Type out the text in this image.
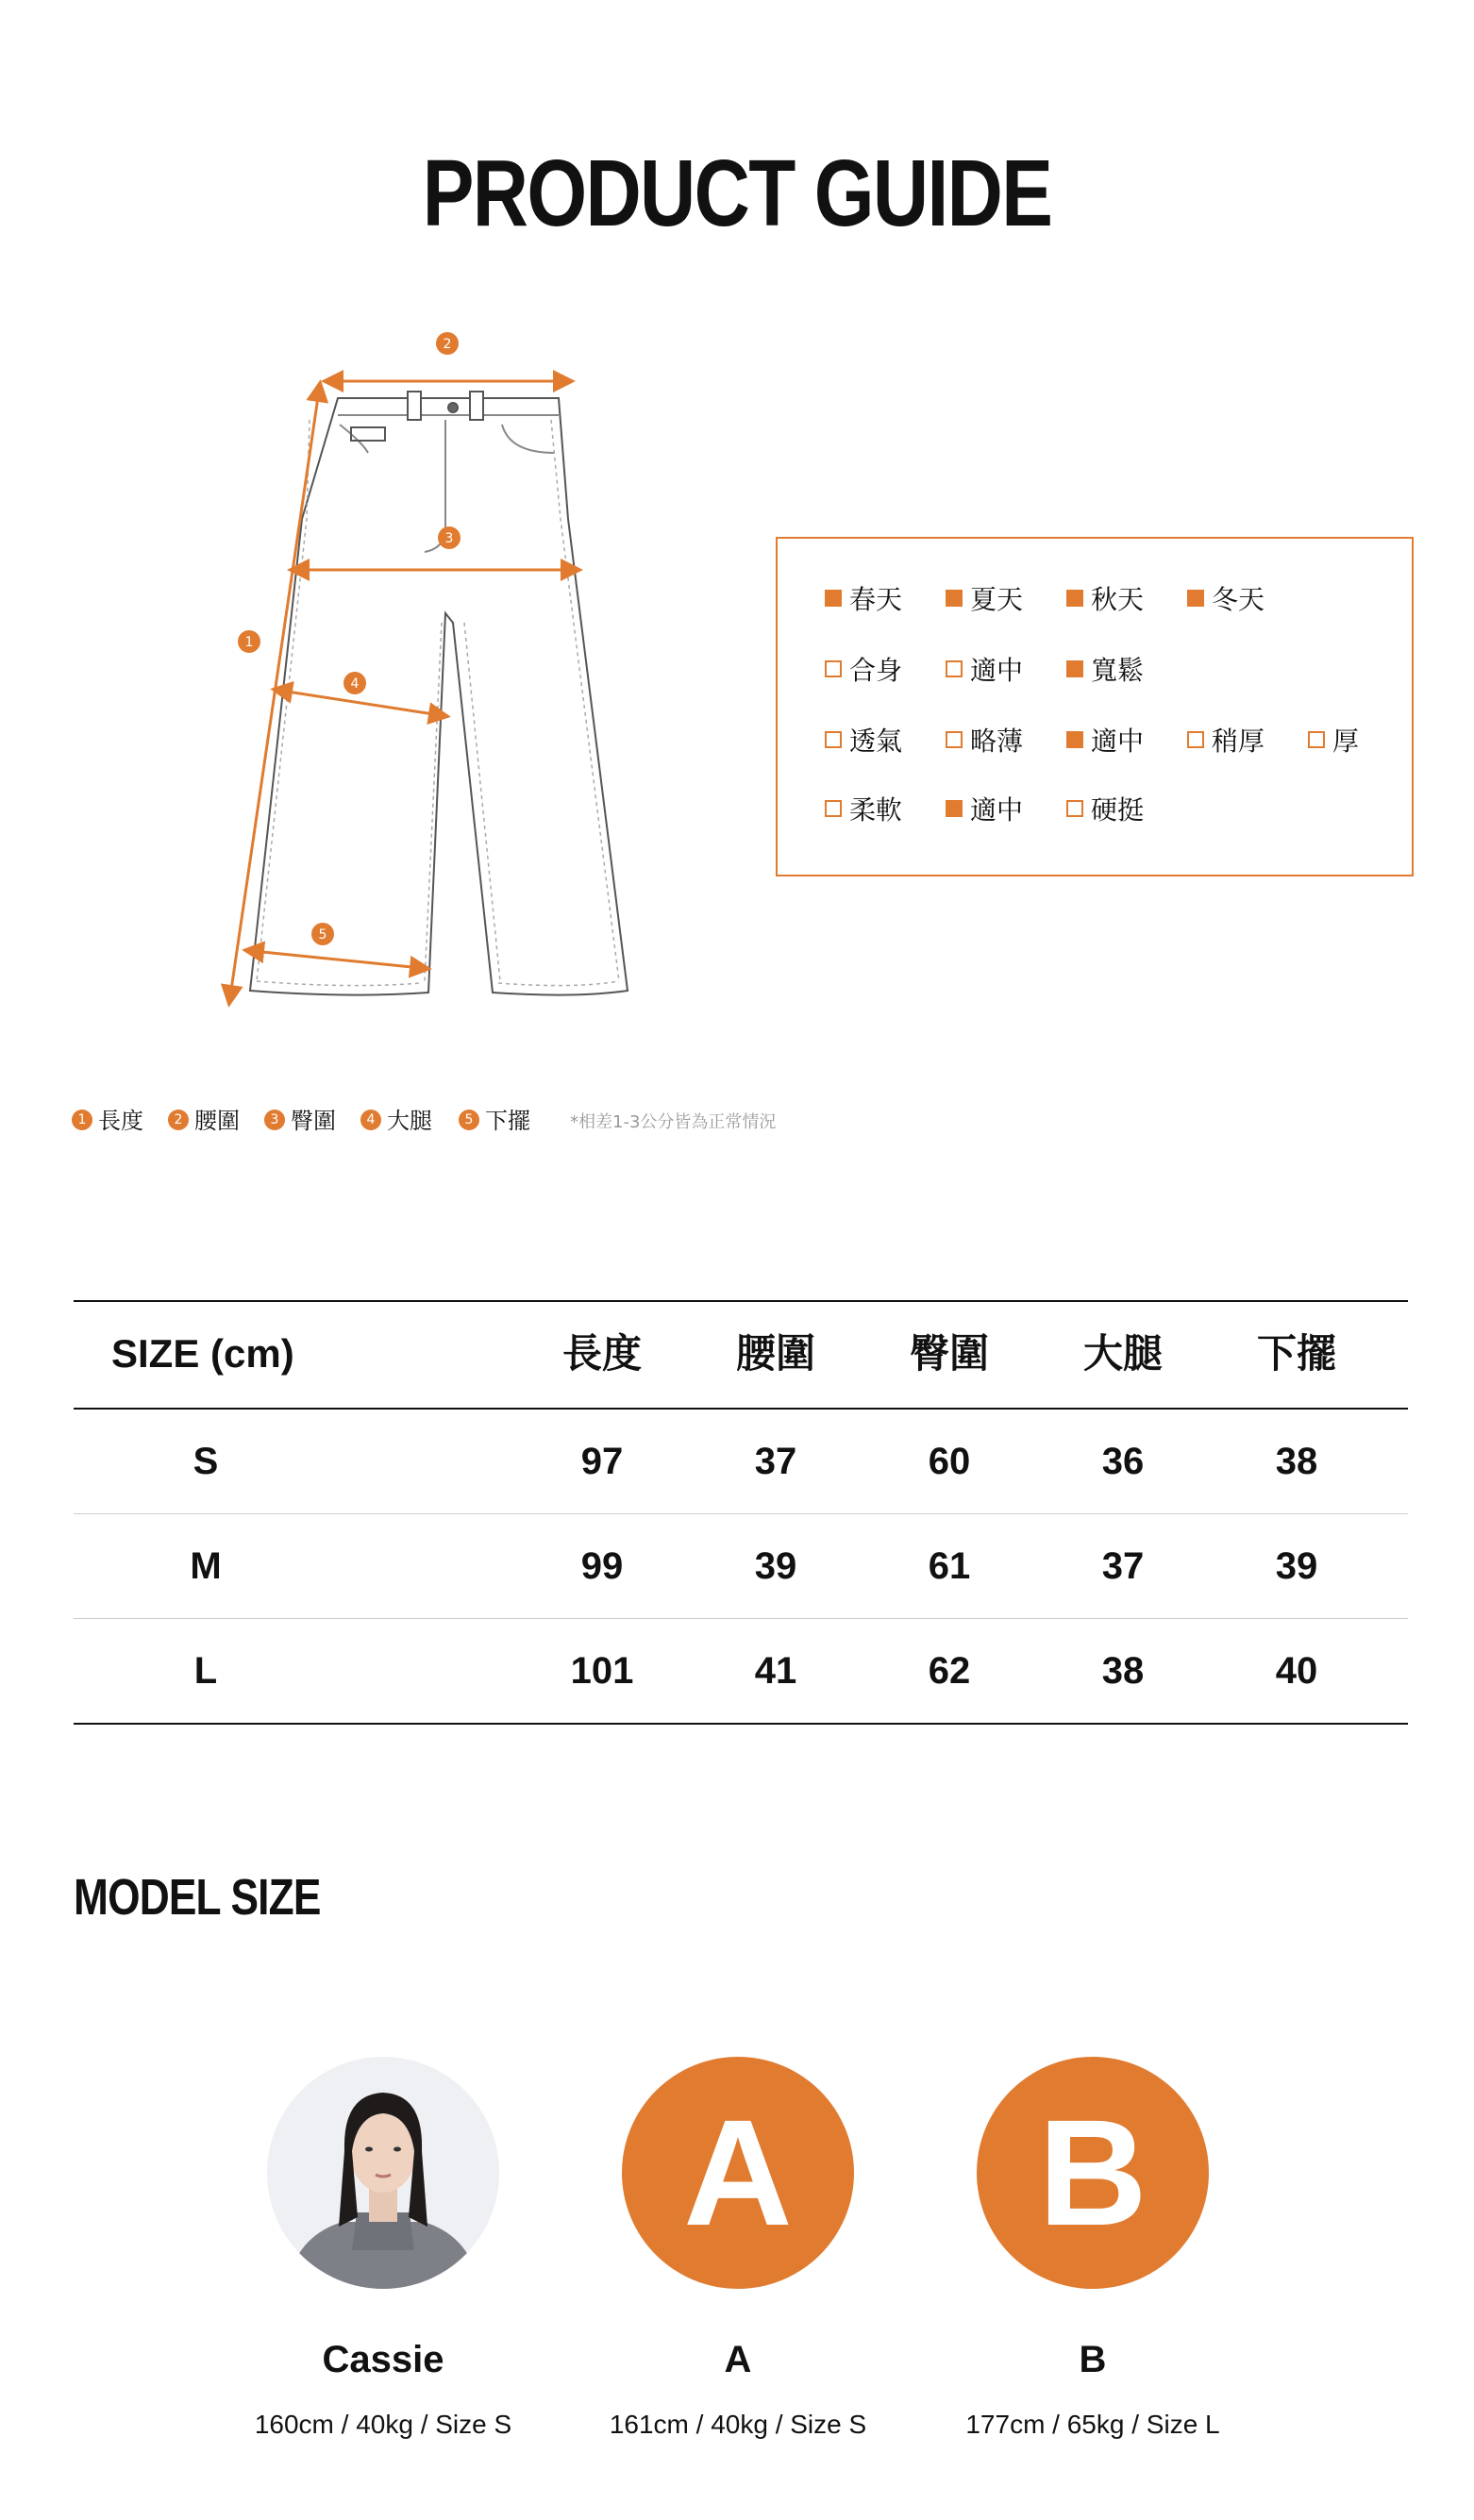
PRODUCT GUIDE
2
1
3
4
5
春天	夏天	秋天	冬天
合身	適中	寬鬆
透氣	略薄	適中	稍厚	厚
柔軟	適中	硬挺
1 長度	2 腰圍	3 臀圍	4 大腿	5 下擺 *相差1-3公分皆為正常情況
SIZE (cm)	長度	腰圍	臀圍	大腿	下擺
S	97	37	60	36	38
M	99	39	61	37	39
L	101	41	62	38	40
MODEL SIZE
Cassie
160cm / 40kg / Size S
A
A
161cm / 40kg / Size S
B
B
177cm / 65kg / Size L
